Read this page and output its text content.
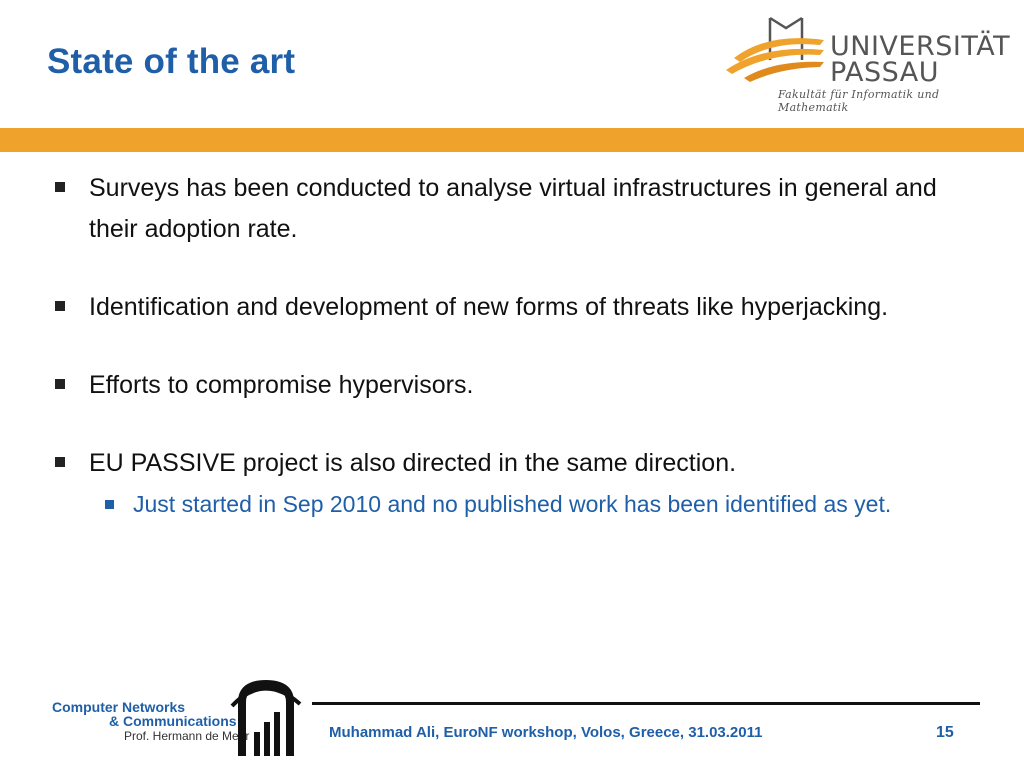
State of the art	UNIVERSITÄT
PASSAU
Fakultät für Informatik und Mathematik
Surveys has been conducted to analyse virtual infrastructures in general and their adoption rate.
Identification and development of new forms of threats like hyperjacking.
Efforts to compromise hypervisors.
EU PASSIVE project is also directed in the same direction.
Just started in Sep 2010 and no published work has been identified as yet.
Computer Networks
& Communications
Prof. Hermann de Meer	Muhammad Ali, EuroNF workshop, Volos, Greece, 31.03.2011	15
